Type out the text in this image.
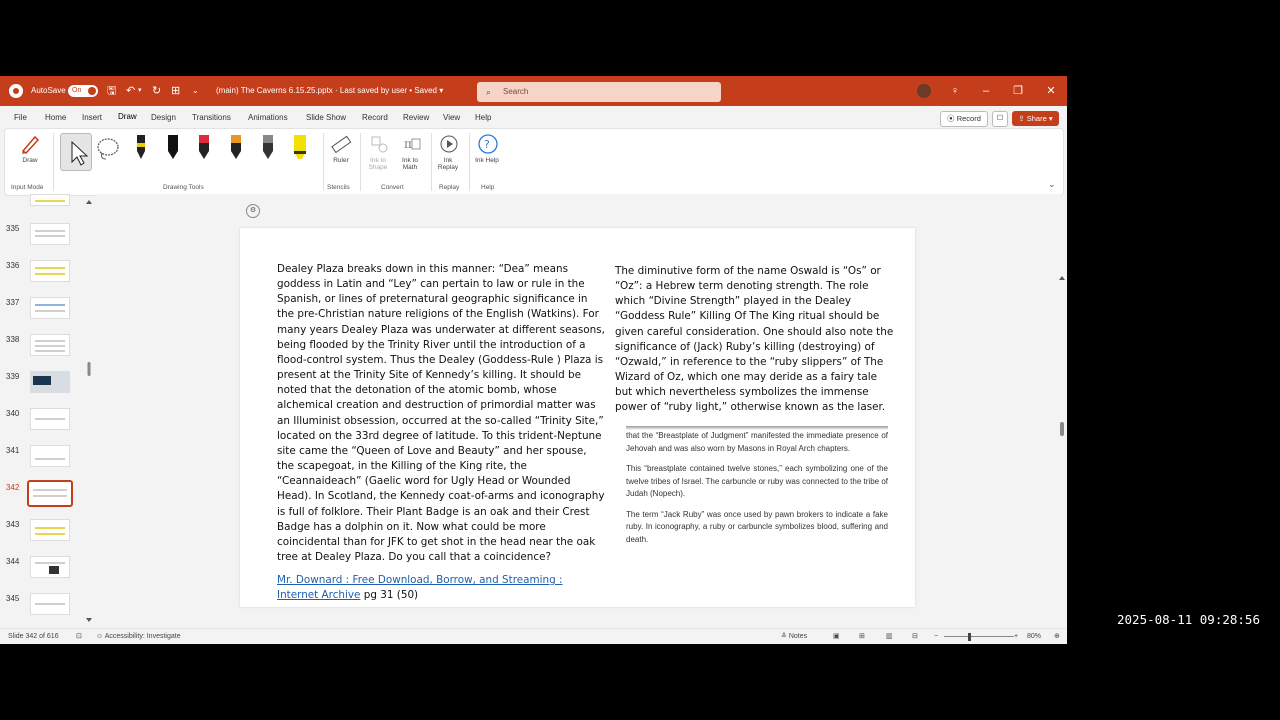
AutoSave On	🖫 ↶ ▾ ↻ ⊞ ⌄ (main) The Caverns 6.15.25.pptx · Last saved by user • Saved ▾	⌕ Search	♀	–	❐	✕
File Home Insert Draw Design Transitions Animations Slide Show Record Review View Help	⦿ Record	☐	⇪ Share ▾
Draw
Input Mode	Drawing Tools
Ruler
Stencils
Ink to Shape
π
Ink to Math
Convert
Ink Replay
Replay
?
Ink Help
Help	⌄
335
336
337
338
339
340
341
342
343
344
345
⚙
Dealey Plaza breaks down in this manner: “Dea” means goddess in Latin and “Ley” can pertain to law or rule in the Spanish, or lines of preternatural geographic significance in the pre-Christian nature religions of the English (Watkins). For many years Dealey Plaza was underwater at different seasons, being flooded by the Trinity River until the introduction of a flood-control system. Thus the Dealey (Goddess-Rule ) Plaza is present at the Trinity Site of Kennedy’s killing. It should be noted that the detonation of the atomic bomb, whose alchemical creation and destruction of primordial matter was an Illuminist obsession, occurred at the so-called “Trinity Site,” located on the 33rd degree of latitude. To this trident-Neptune site came the “Queen of Love and Beauty” and her spouse, the scapegoat, in the Killing of the King rite, the “Ceannaideach” (Gaelic word for Ugly Head or Wounded Head). In Scotland, the Kennedy coat-of-arms and iconography is full of folklore. Their Plant Badge is an oak and their Crest Badge has a dolphin on it. Now what could be more coincidental than for JFK to get shot in the head near the oak tree at Dealey Plaza. Do you call that a coincidence?
Mr. Downard : Free Download, Borrow, and Streaming : Internet Archive pg 31 (50)
The diminutive form of the name Oswald is “Os” or “Oz”: a Hebrew term denoting strength. The role which “Divine Strength” played in the Dealey “Goddess Rule” Killing Of The King ritual should be given careful consideration. One should also note the significance of (Jack) Ruby’s killing (destroying) of “Ozwald,” in reference to the “ruby slippers” of The Wizard of Oz, which one may deride as a fairy tale but which nevertheless symbolizes the immense power of “ruby light,” otherwise known as the laser.

that the “Breastplate of Judgment” manifested the immediate presence of Jehovah and was also worn by Masons in Royal Arch chapters.

This “breastplate contained twelve stones,” each symbolizing one of the twelve tribes of Israel. The carbuncle or ruby was connected to the tribe of Judah (Nopech).

The term “Jack Ruby” was once used by pawn brokers to indicate a fake ruby. In iconography, a ruby or carbuncle symbolizes blood, suffering and death.

Slide 342 of 616 ⊡ ☺ Accessibility: Investigate	≙ Notes	▣	⊞	▥	⊟ −	+ 80% ⊕
2025-08-11 09:28:56
